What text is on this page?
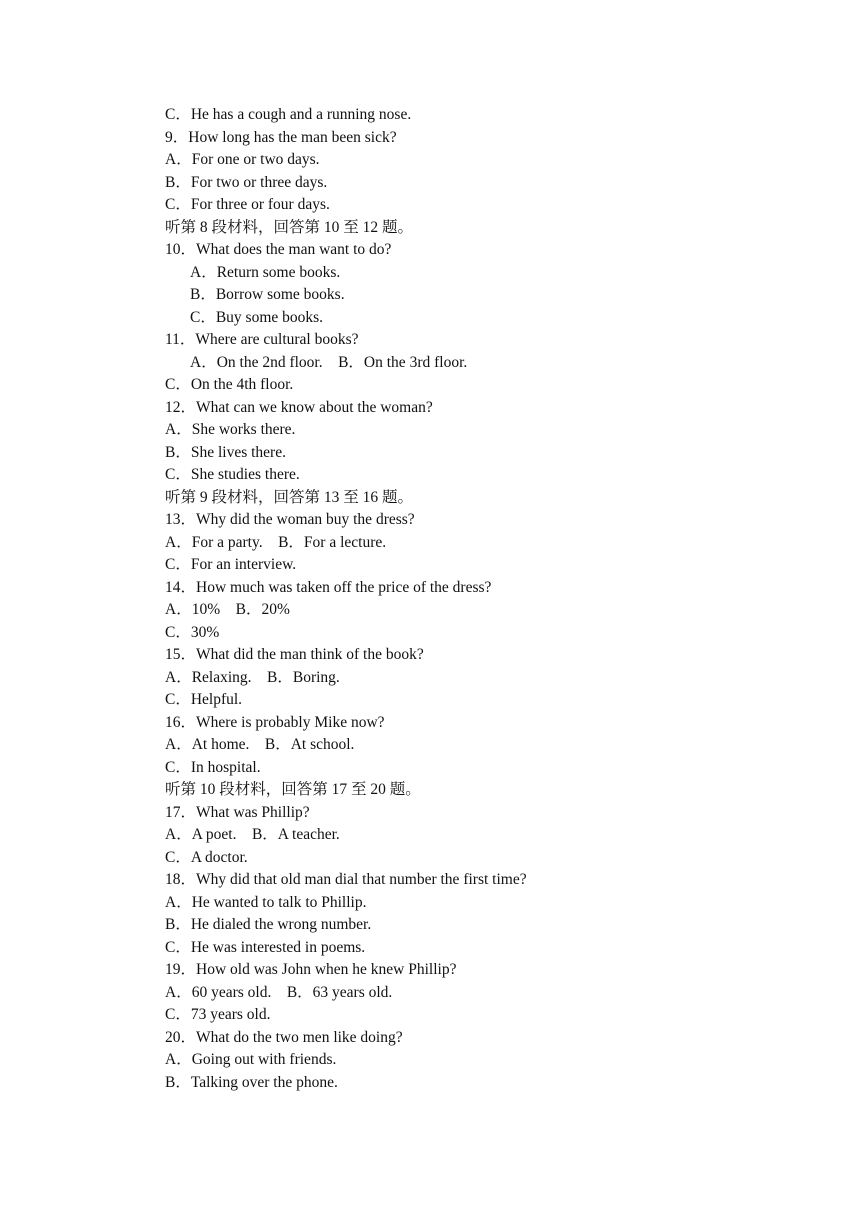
C．He has a cough and a running nose.
9．How long has the man been sick?
A．For one or two days.
B．For two or three days.
C．For three or four days.
听第 8 段材料，回答第 10 至 12 题。
10．What does the man want to do?
A．Return some books.
B．Borrow some books.
C．Buy some books.
11．Where are cultural books?
A．On the 2nd floor.    B．On the 3rd floor.
C．On the 4th floor.
12．What can we know about the woman?
A．She works there.
B．She lives there.
C．She studies there.
听第 9 段材料，回答第 13 至 16 题。
13．Why did the woman buy the dress?
A．For a party.    B．For a lecture.
C．For an interview.
14．How much was taken off the price of the dress?
A．10%    B．20%
C．30%
15．What did the man think of the book?
A．Relaxing.    B．Boring.
C．Helpful.
16．Where is probably Mike now?
A．At home.    B．At school.
C．In hospital.
听第 10 段材料，回答第 17 至 20 题。
17．What was Phillip?
A．A poet.    B．A teacher.
C．A doctor.
18．Why did that old man dial that number the first time?
A．He wanted to talk to Phillip.
B．He dialed the wrong number.
C．He was interested in poems.
19．How old was John when he knew Phillip?
A．60 years old.    B．63 years old.
C．73 years old.
20．What do the two men like doing?
A．Going out with friends.
B．Talking over the phone.
